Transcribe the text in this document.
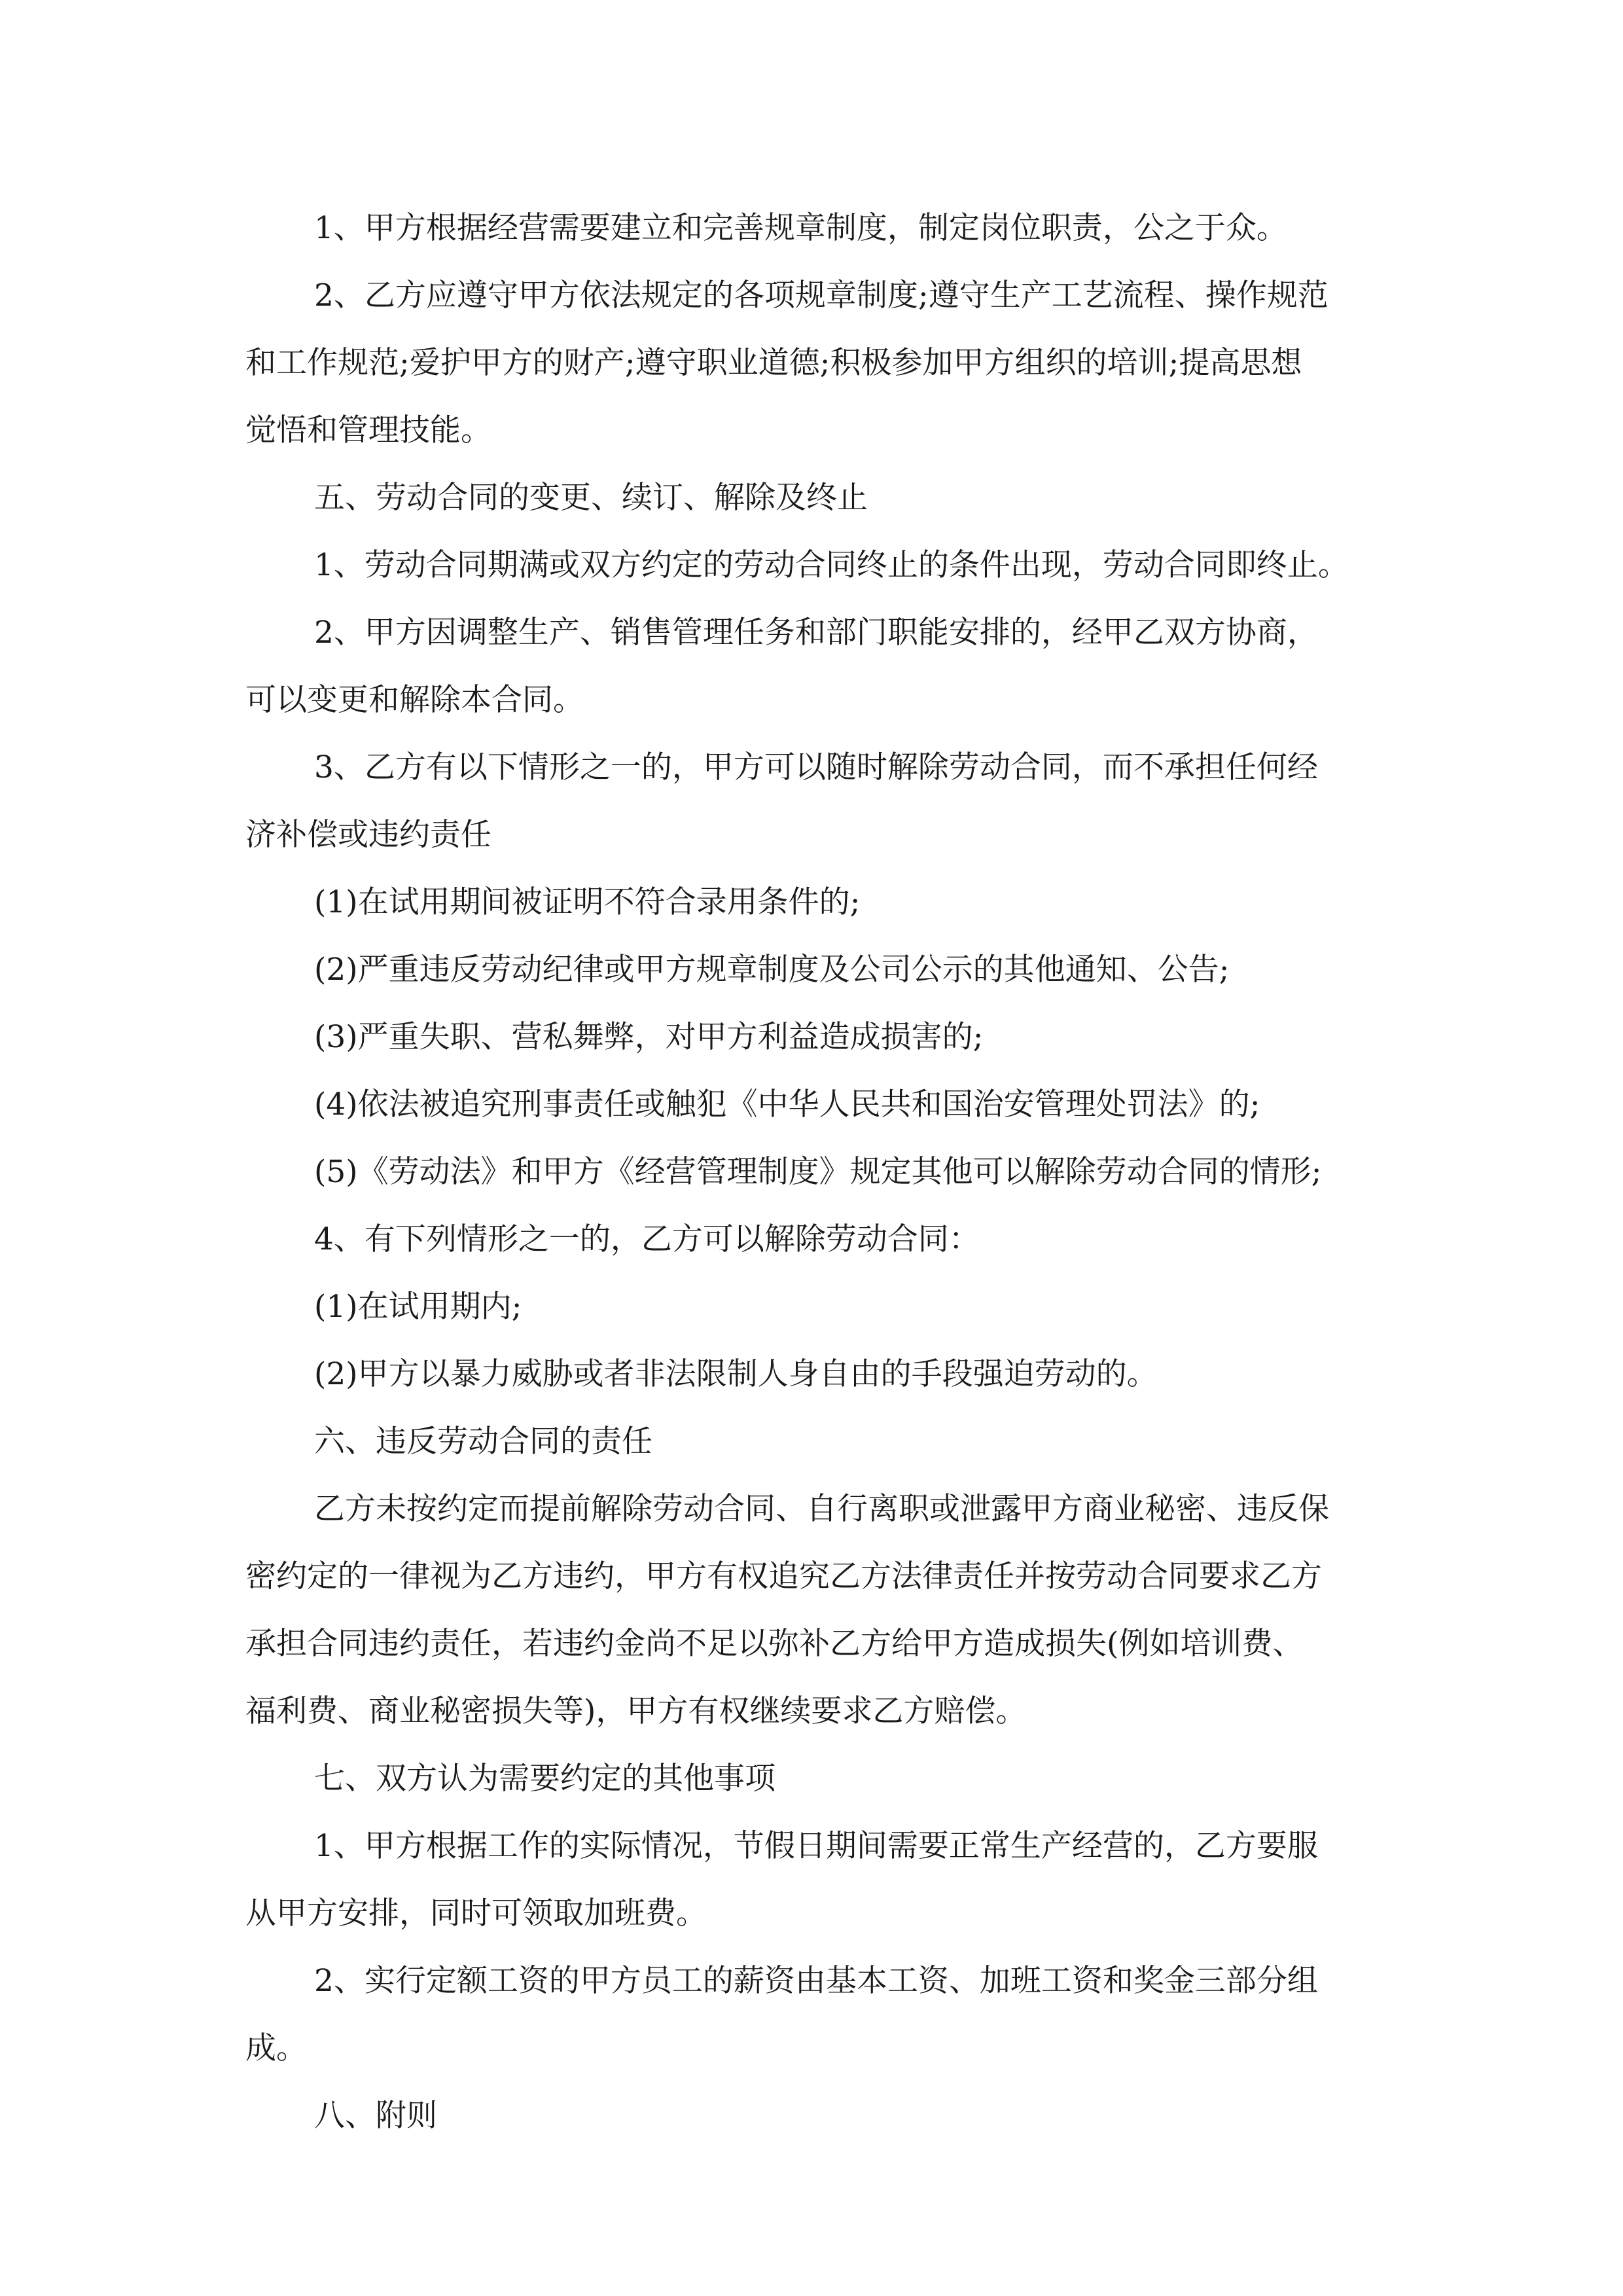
1、甲方根据经营需要建立和完善规章制度，制定岗位职责，公之于众。

2、乙方应遵守甲方依法规定的各项规章制度;遵守生产工艺流程、操作规范

和工作规范;爱护甲方的财产;遵守职业道德;积极参加甲方组织的培训;提高思想

觉悟和管理技能。

五、劳动合同的变更、续订、解除及终止

1、劳动合同期满或双方约定的劳动合同终止的条件出现，劳动合同即终止。

2、甲方因调整生产、销售管理任务和部门职能安排的，经甲乙双方协商，

可以变更和解除本合同。

3、乙方有以下情形之一的，甲方可以随时解除劳动合同，而不承担任何经

济补偿或违约责任

(1)在试用期间被证明不符合录用条件的;

(2)严重违反劳动纪律或甲方规章制度及公司公示的其他通知、公告;

(3)严重失职、营私舞弊，对甲方利益造成损害的;

(4)依法被追究刑事责任或触犯《中华人民共和国治安管理处罚法》的;

(5)《劳动法》和甲方《经营管理制度》规定其他可以解除劳动合同的情形;

4、有下列情形之一的，乙方可以解除劳动合同：

(1)在试用期内;

(2)甲方以暴力威胁或者非法限制人身自由的手段强迫劳动的。

六、违反劳动合同的责任

乙方未按约定而提前解除劳动合同、自行离职或泄露甲方商业秘密、违反保

密约定的一律视为乙方违约，甲方有权追究乙方法律责任并按劳动合同要求乙方

承担合同违约责任，若违约金尚不足以弥补乙方给甲方造成损失(例如培训费、

福利费、商业秘密损失等)，甲方有权继续要求乙方赔偿。

七、双方认为需要约定的其他事项

1、甲方根据工作的实际情况，节假日期间需要正常生产经营的，乙方要服

从甲方安排，同时可领取加班费。

2、实行定额工资的甲方员工的薪资由基本工资、加班工资和奖金三部分组

成。

八、附则
